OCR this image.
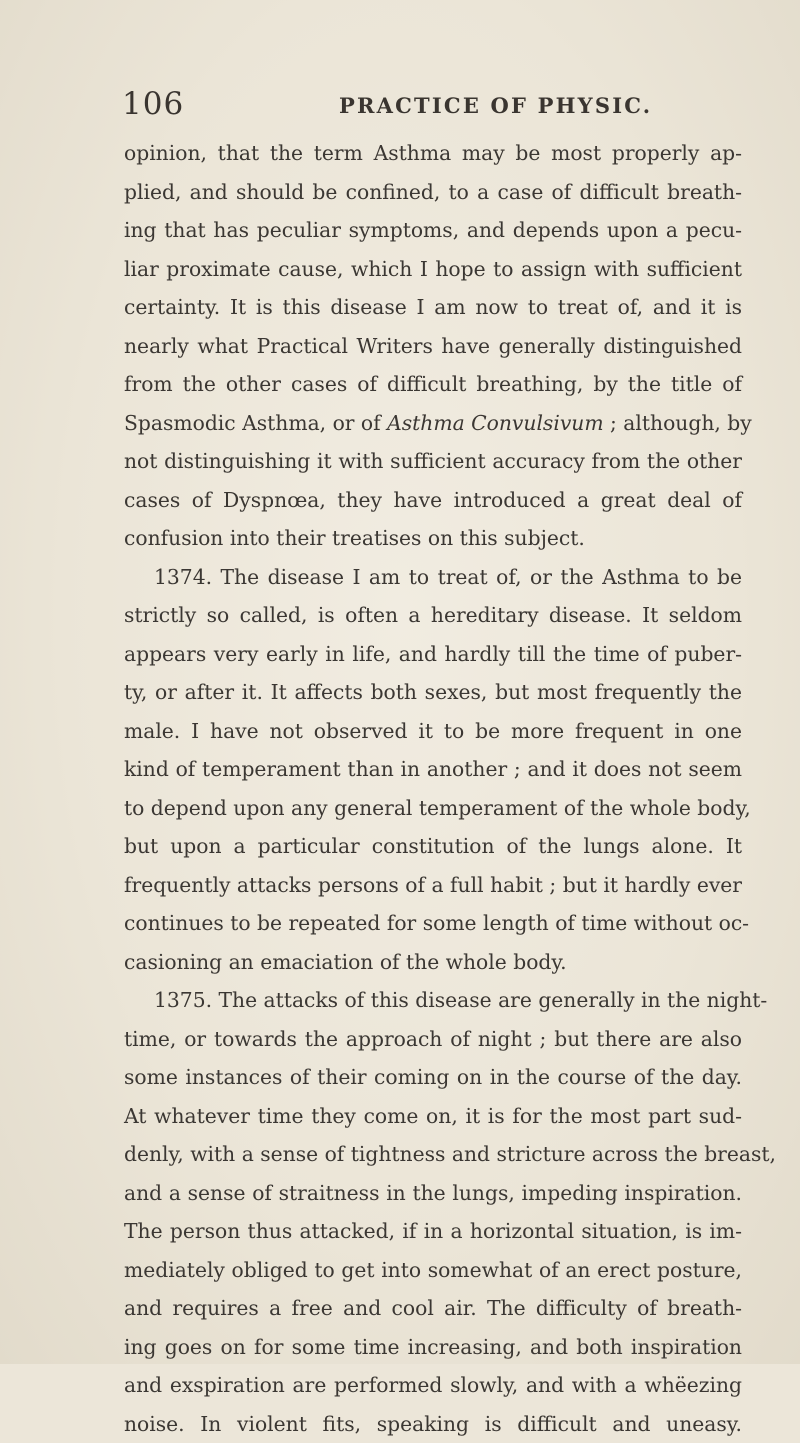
106	PRACTICE OF PHYSIC.
opinion, that the term Asthma may be most properly ap-
plied, and should be confined, to a case of difficult breath-
ing that has peculiar symptoms, and depends upon a pecu-
liar proximate cause, which I hope to assign with sufficient
certainty. It is this disease I am now to treat of, and it is
nearly what Practical Writers have generally distinguished
from the other cases of difficult breathing, by the title of
Spasmodic Asthma, or of Asthma Convulsivum ; although, by
not distinguishing it with sufficient accuracy from the other
cases of Dyspnœa, they have introduced a great deal of
confusion into their treatises on this subject.
1374. The disease I am to treat of, or the Asthma to be
strictly so called, is often a hereditary disease. It seldom
appears very early in life, and hardly till the time of puber-
ty, or after it. It affects both sexes, but most frequently the
male. I have not observed it to be more frequent in one
kind of temperament than in another ; and it does not seem
to depend upon any general temperament of the whole body,
but upon a particular constitution of the lungs alone. It
frequently attacks persons of a full habit ; but it hardly ever
continues to be repeated for some length of time without oc-
casioning an emaciation of the whole body.
1375. The attacks of this disease are generally in the night-
time, or towards the approach of night ; but there are also
some instances of their coming on in the course of the day.
At whatever time they come on, it is for the most part sud-
denly, with a sense of tightness and stricture across the breast,
and a sense of straitness in the lungs, impeding inspiration.
The person thus attacked, if in a horizontal situation, is im-
mediately obliged to get into somewhat of an erect posture,
and requires a free and cool air. The difficulty of breath-
ing goes on for some time increasing, and both inspiration
and exspiration are performed slowly, and with a whëezing
noise. In violent fits, speaking is difficult and uneasy.
